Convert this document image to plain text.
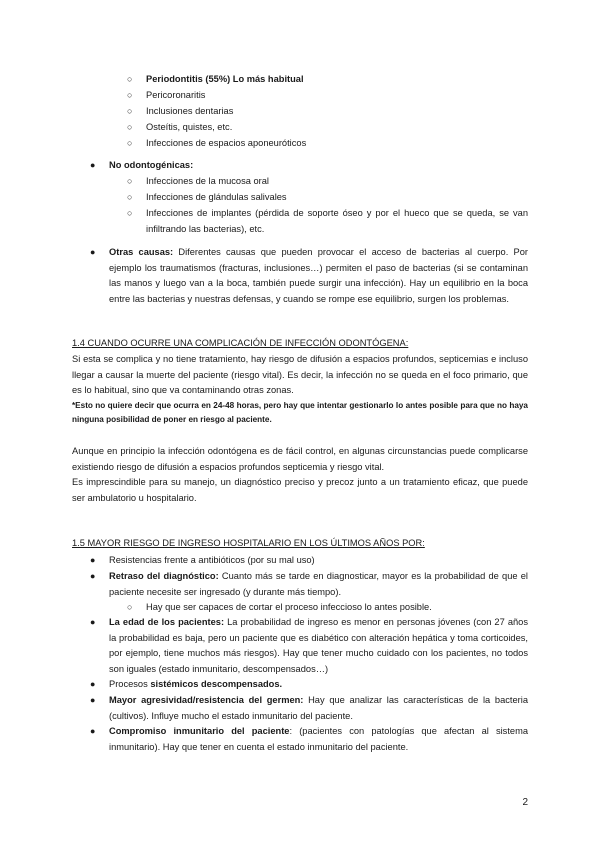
○ Periodontitis (55%) Lo más habitual
○ Pericoronaritis
○ Inclusiones dentarias
○ Osteítis, quistes, etc.
○ Infecciones de espacios aponeuróticos
● No odontogénicas:
○ Infecciones de la mucosa oral
○ Infecciones de glándulas salivales
○ Infecciones de implantes (pérdida de soporte óseo y por el hueco que se queda, se van infiltrando las bacterias), etc.
● Otras causas: Diferentes causas que pueden provocar el acceso de bacterias al cuerpo. Por ejemplo los traumatismos (fracturas, inclusiones…) permiten el paso de bacterias (si se contaminan las manos y luego van a la boca, también puede surgir una infección). Hay un equilibrio en la boca entre las bacterias y nuestras defensas, y cuando se rompe ese equilibrio, surgen los problemas.
1.4 CUANDO OCURRE UNA COMPLICACIÓN DE INFECCIÓN ODONTÓGENA:
Si esta se complica y no tiene tratamiento, hay riesgo de difusión a espacios profundos, septicemias e incluso llegar a causar la muerte del paciente (riesgo vital). Es decir, la infección no se queda en el foco primario, que es lo habitual, sino que va contaminando otras zonas.
*Esto no quiere decir que ocurra en 24-48 horas, pero hay que intentar gestionarlo lo antes posible para que no haya ninguna posibilidad de poner en riesgo al paciente.
Aunque en principio la infección odontógena es de fácil control, en algunas circunstancias puede complicarse existiendo riesgo de difusión a espacios profundos septicemia y riesgo vital.
Es imprescindible para su manejo, un diagnóstico preciso y precoz junto a un tratamiento eficaz, que puede ser ambulatorio u hospitalario.
1.5 MAYOR RIESGO DE INGRESO HOSPITALARIO EN LOS ÚLTIMOS AÑOS POR:
● Resistencias frente a antibióticos (por su mal uso)
● Retraso del diagnóstico: Cuanto más se tarde en diagnosticar, mayor es la probabilidad de que el paciente necesite ser ingresado (y durante más tiempo).
○ Hay que ser capaces de cortar el proceso infeccioso lo antes posible.
● La edad de los pacientes: La probabilidad de ingreso es menor en personas jóvenes (con 27 años la probabilidad es baja, pero un paciente que es diabético con alteración hepática y toma corticoides, por ejemplo, tiene muchos más riesgos). Hay que tener mucho cuidado con los pacientes, no todos son iguales (estado inmunitario, descompensados…)
● Procesos sistémicos descompensados.
● Mayor agresividad/resistencia del germen: Hay que analizar las características de la bacteria (cultivos). Influye mucho el estado inmunitario del paciente.
● Compromiso inmunitario del paciente: (pacientes con patologías que afectan al sistema inmunitario). Hay que tener en cuenta el estado inmunitario del paciente.
2
